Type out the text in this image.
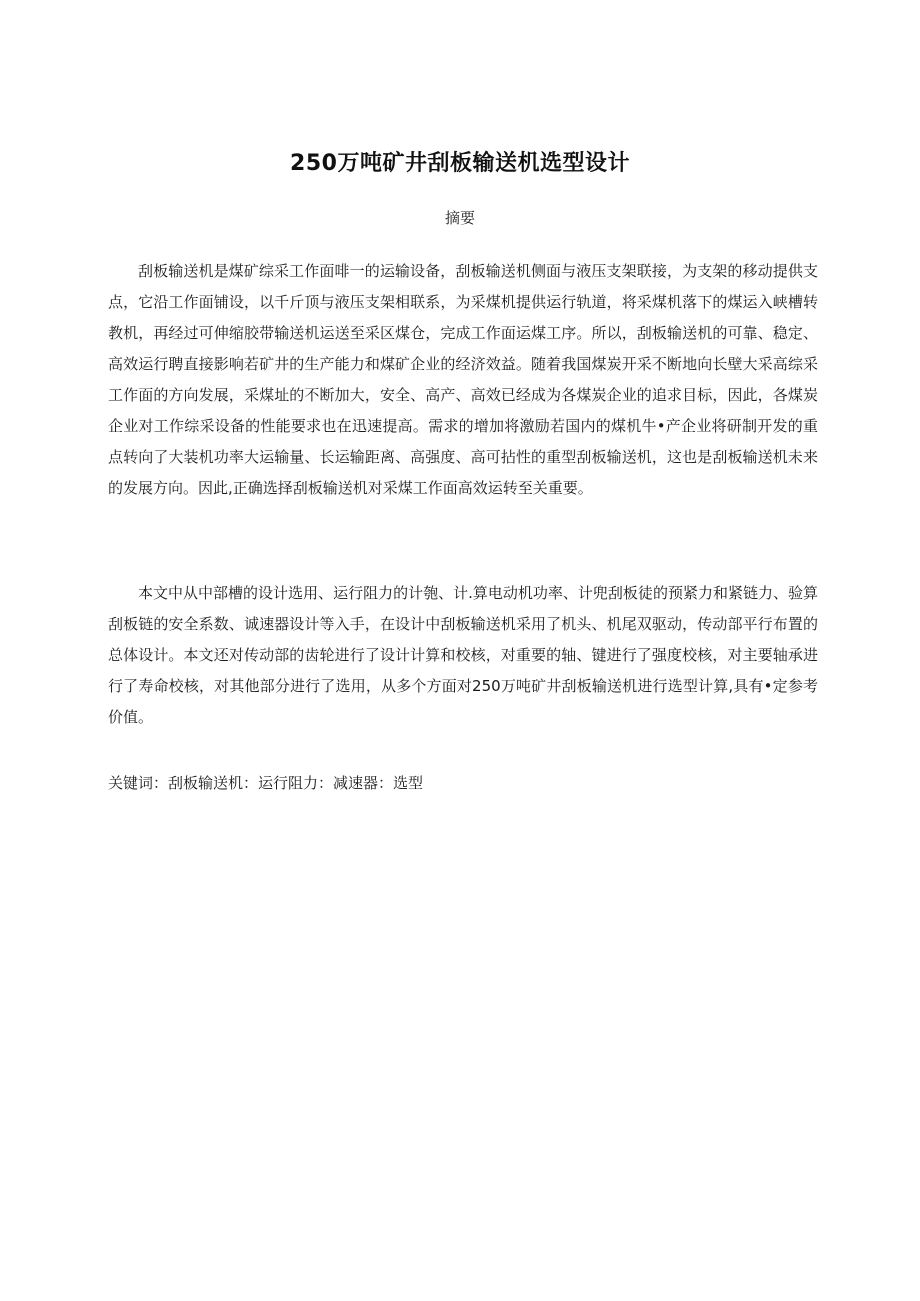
250万吨矿井刮板输送机选型设计
摘要

刮板输送机是煤矿综采工作面啡一的运输设备，刮板输送机侧面与液压支架联接，为支架的移动提供支点，它沿工作面铺设，以千斤顶与液压支架相联系，为采煤机提供运行轨道，将采煤机落下的煤运入峡槽转教机，再经过可伸缩胶带输送机运送至采区煤仓，完成工作面运煤工序。所以，刮板输送机的可靠、稳定、高效运行聘直接影响若矿井的生产能力和煤矿企业的经济效益。随着我国煤炭开采不断地向长壁大采高综采工作面的方向发展，采煤址的不断加大，安全、高产、高效已经成为各煤炭企业的追求目标，因此，各煤炭企业对工作综采设备的性能要求也在迅速提高。需求的增加将激励若国内的煤机牛•产企业将研制开发的重点转向了大装机功率大运输量、长运输距离、高强度、高可拈性的重型刮板输送机，这也是刮板输送机未来的发展方向。因此,正确选择刮板输送机对采煤工作面高效运转至关重要。

本文中从中部槽的设计选用、运行阻力的计匏、计.算电动机功率、计兜刮板徒的预紧力和紧链力、验算刮板链的安全系数、诚速器设计等入手，在设计中刮板输送机采用了机头、机尾双驱动，传动部平行布置的总体设计。本文还对传动部的齿轮进行了设计计算和校核，对重要的轴、键进行了强度校核，对主要轴承进行了寿命校核，对其他部分进行了选用，从多个方面对250万吨矿井刮板输送机进行选型计算,具有•定参考价值。

关键词：刮板输送机：运行阻力：减速器：选型
